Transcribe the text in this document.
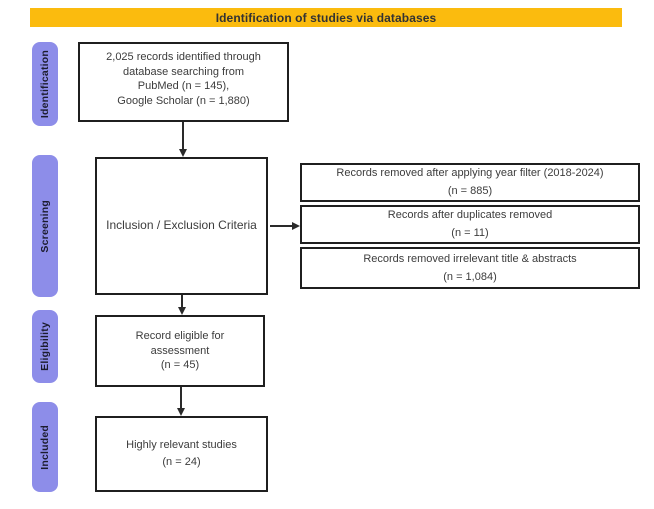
Identification of studies via databases
Identification
Screening
Eligibility
Included
2,025 records identified through
database searching from
PubMed (n = 145),
Google Scholar (n = 1,880)
Inclusion / Exclusion Criteria
Records removed after applying year filter (2018-2024)
(n = 885)
Records after duplicates removed
(n = 11)
Records removed irrelevant title & abstracts
(n = 1,084)
Record eligible for
assessment
(n = 45)
Highly relevant studies
(n = 24)
